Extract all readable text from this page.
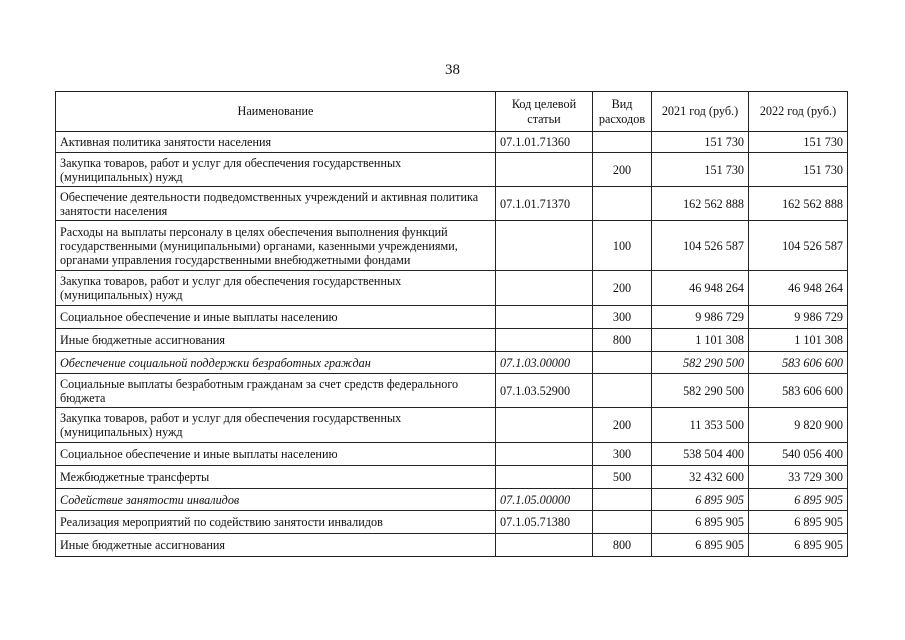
38
Наименование	Код целевой статьи	Вид расходов	2021 год (руб.)	2022 год (руб.)
Активная политика занятости населения	07.1.01.71360		151 730	151 730
Закупка товаров, работ и услуг для обеспечения государственных (муниципальных) нужд		200	151 730	151 730
Обеспечение деятельности подведомственных учреждений и активная политика занятости населения	07.1.01.71370		162 562 888	162 562 888
Расходы на выплаты персоналу в целях обеспечения выполнения функций государственными (муниципальными) органами, казенными учреждениями, органами управления государственными внебюджетными фондами		100	104 526 587	104 526 587
Закупка товаров, работ и услуг для обеспечения государственных (муниципальных) нужд		200	46 948 264	46 948 264
Социальное обеспечение и иные выплаты населению		300	9 986 729	9 986 729
Иные бюджетные ассигнования		800	1 101 308	1 101 308
Обеспечение социальной поддержки безработных граждан	07.1.03.00000		582 290 500	583 606 600
Социальные выплаты безработным гражданам за счет средств федерального бюджета	07.1.03.52900		582 290 500	583 606 600
Закупка товаров, работ и услуг для обеспечения государственных (муниципальных) нужд		200	11 353 500	9 820 900
Социальное обеспечение и иные выплаты населению		300	538 504 400	540 056 400
Межбюджетные трансферты		500	32 432 600	33 729 300
Содействие занятости инвалидов	07.1.05.00000		6 895 905	6 895 905
Реализация мероприятий по содействию занятости инвалидов	07.1.05.71380		6 895 905	6 895 905
Иные бюджетные ассигнования		800	6 895 905	6 895 905
